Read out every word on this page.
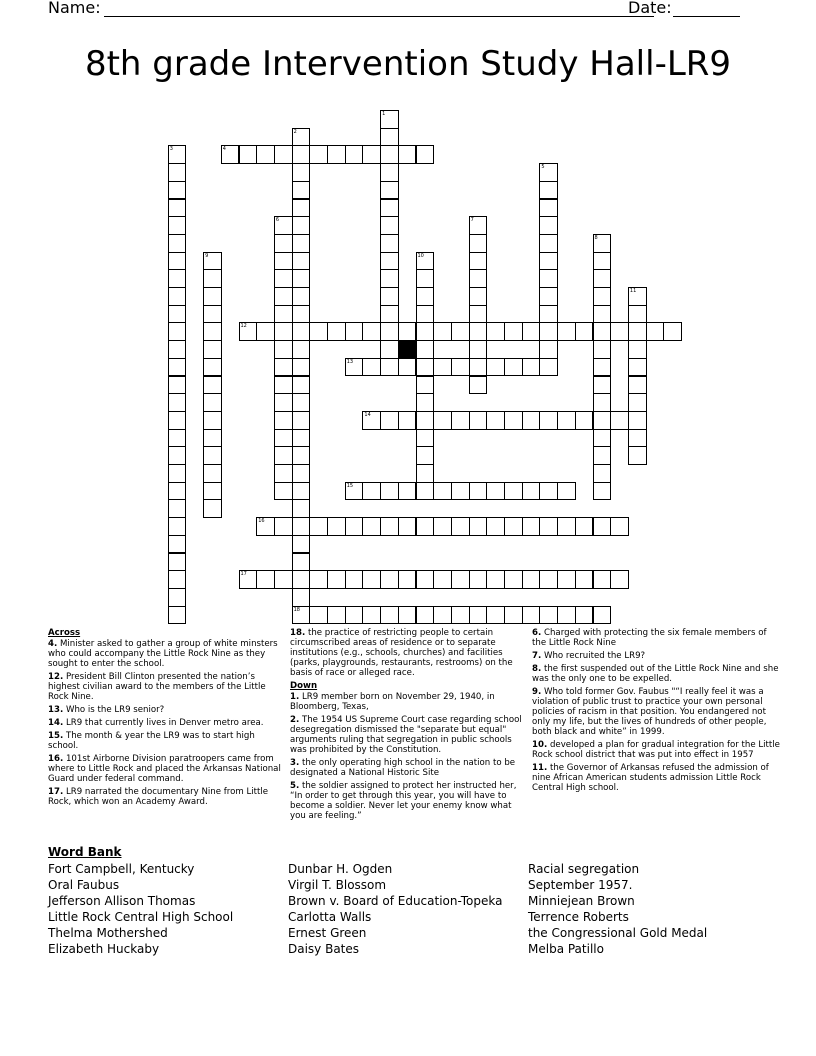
Name:	Date:
8th grade Intervention Study Hall-LR9
1
2
18
3	4
5
6	7
8
9	10
11
12
13
14
15
16
17
Across
4. Minister asked to gather a group of white minsters who could accompany the Little Rock Nine as they sought to enter the school.
12. President Bill Clinton presented the nation’s highest civilian award to the members of the Little Rock Nine.
13. Who is the LR9 senior?
14. LR9 that currently lives in Denver metro area.
15. The month & year the LR9 was to start high school.
16. 101st Airborne Division paratroopers came from where to Little Rock and placed the Arkansas National Guard under federal command.
17. LR9 narrated the documentary Nine from Little Rock, which won an Academy Award.
18. the practice of restricting people to certain circumscribed areas of residence or to separate institutions (e.g., schools, churches) and facilities (parks, playgrounds, restaurants, restrooms) on the basis of race or alleged race.
Down
1. LR9 member born on November 29, 1940, in Bloomberg, Texas,
2. The 1954 US Supreme Court case regarding school desegregation dismissed the "separate but equal" arguments ruling that segregation in public schools was prohibited by the Constitution.
3. the only operating high school in the nation to be designated a National Historic Site
5. the soldier assigned to protect her instructed her, “In order to get through this year, you will have to become a soldier. Never let your enemy know what you are feeling.”
6. Charged with protecting the six female members of the Little Rock Nine
7. Who recruited the LR9?
8. the first suspended out of the Little Rock Nine and she was the only one to be expelled.
9. Who told former Gov. Faubus "“I really feel it was a violation of public trust to practice your own personal policies of racism in that position. You endangered not only my life, but the lives of hundreds of other people, both black and white” in 1999.
10. developed a plan for gradual integration for the Little Rock school district that was put into effect in 1957
11. the Governor of Arkansas refused the admission of nine African American students admission Little Rock Central High school.
Word Bank
Fort Campbell, Kentucky
Oral Faubus
Jefferson Allison Thomas
Little Rock Central High School
Thelma Mothershed
Elizabeth Huckaby
Dunbar H. Ogden
Virgil T. Blossom
Brown v. Board of Education-Topeka
Carlotta Walls
Ernest Green
Daisy Bates
Racial segregation
September 1957.
Minniejean Brown
Terrence Roberts
the Congressional Gold Medal
Melba Patillo
